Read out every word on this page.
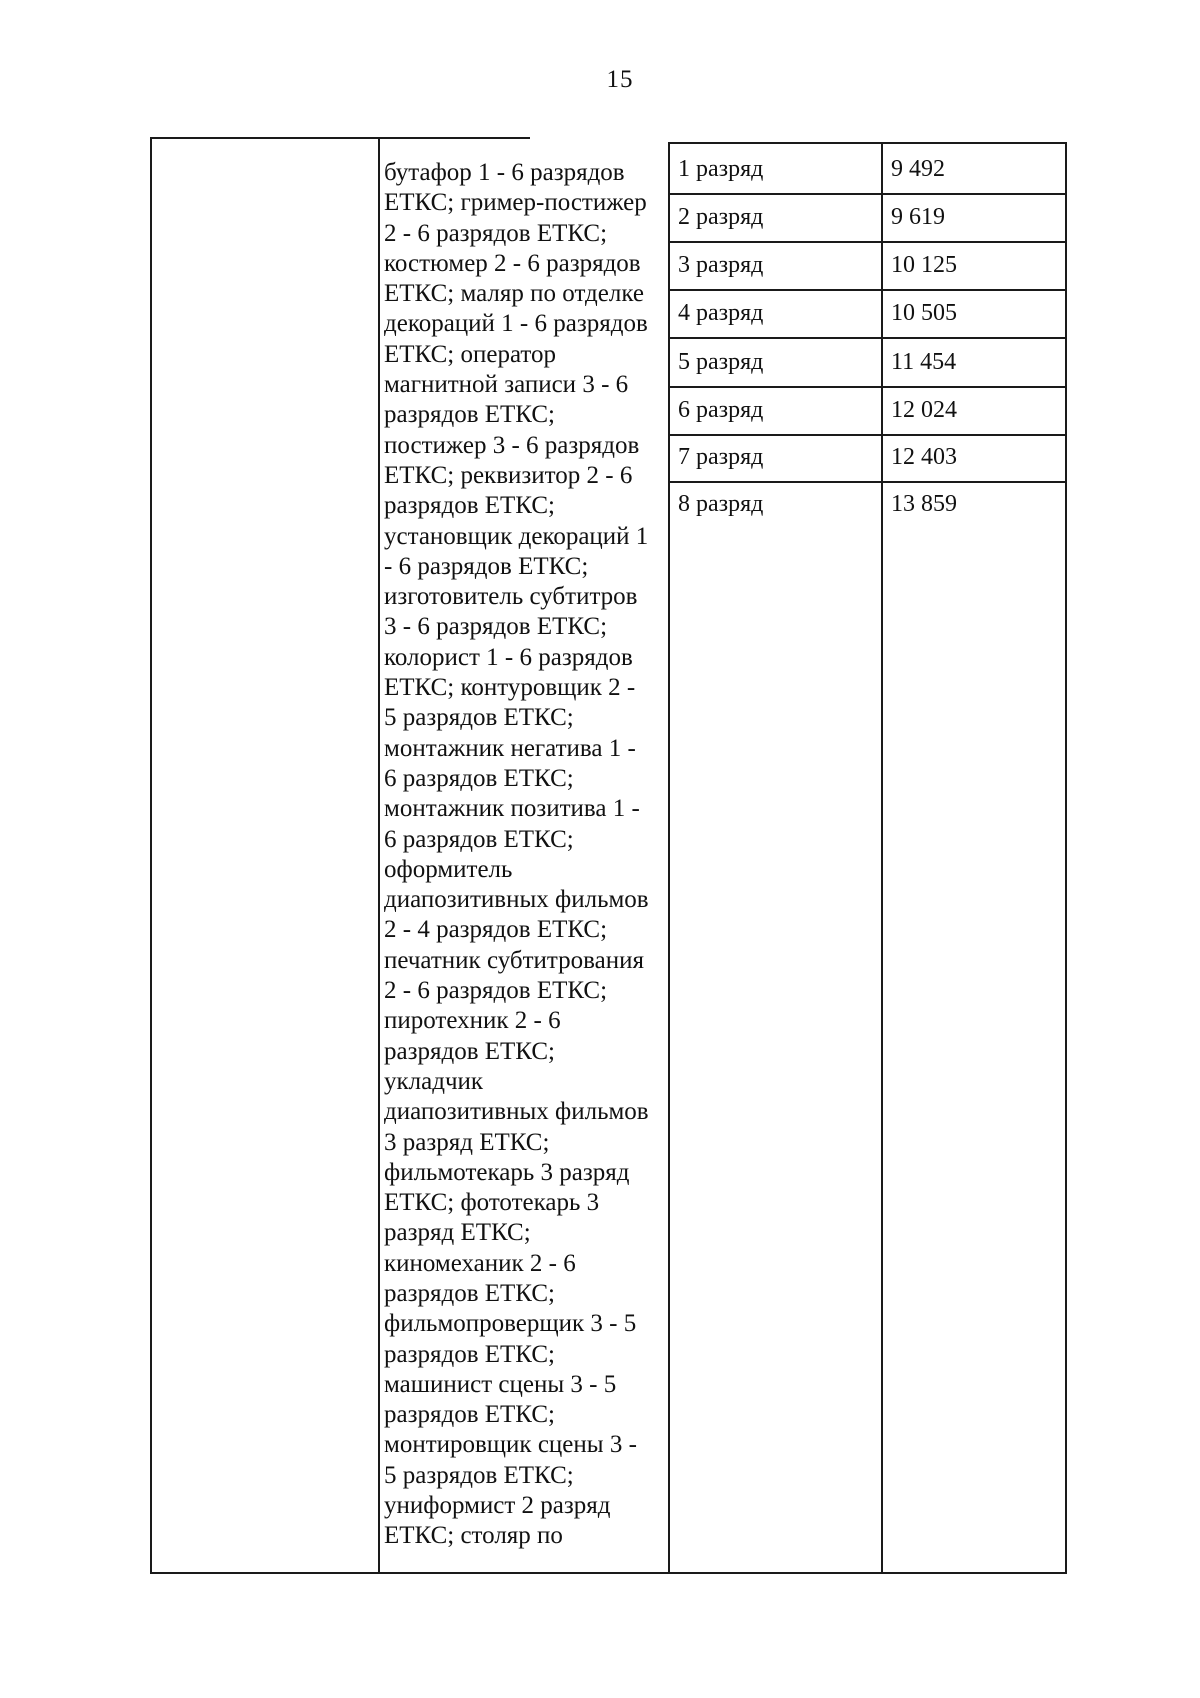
15
бутафор 1 - 6 разрядов
ЕТКС; гример-постижер
2 - 6 разрядов ЕТКС;
костюмер 2 - 6 разрядов
ЕТКС; маляр по отделке
декораций 1 - 6 разрядов
ЕТКС; оператор
магнитной записи 3 - 6
разрядов ЕТКС;
постижер 3 - 6 разрядов
ЕТКС; реквизитор 2 - 6
разрядов ЕТКС;
установщик декораций 1
- 6 разрядов ЕТКС;
изготовитель субтитров
3 - 6 разрядов ЕТКС;
колорист 1 - 6 разрядов
ЕТКС; контуровщик 2 -
5 разрядов ЕТКС;
монтажник негатива 1 -
6 разрядов ЕТКС;
монтажник позитива 1 -
6 разрядов ЕТКС;
оформитель
диапозитивных фильмов
2 - 4 разрядов ЕТКС;
печатник субтитрования
2 - 6 разрядов ЕТКС;
пиротехник 2 - 6
разрядов ЕТКС;
укладчик
диапозитивных фильмов
3 разряд ЕТКС;
фильмотекарь 3 разряд
ЕТКС; фототекарь 3
разряд ЕТКС;
киномеханик 2 - 6
разрядов ЕТКС;
фильмопроверщик 3 - 5
разрядов ЕТКС;
машинист сцены 3 - 5
разрядов ЕТКС;
монтировщик сцены 3 -
5 разрядов ЕТКС;
униформист 2 разряд
ЕТКС; столяр по
1 разряд	9 492
2 разряд	9 619
3 разряд	10 125
4 разряд	10 505
5 разряд	11 454
6 разряд	12 024
7 разряд	12 403
8 разряд	13 859
